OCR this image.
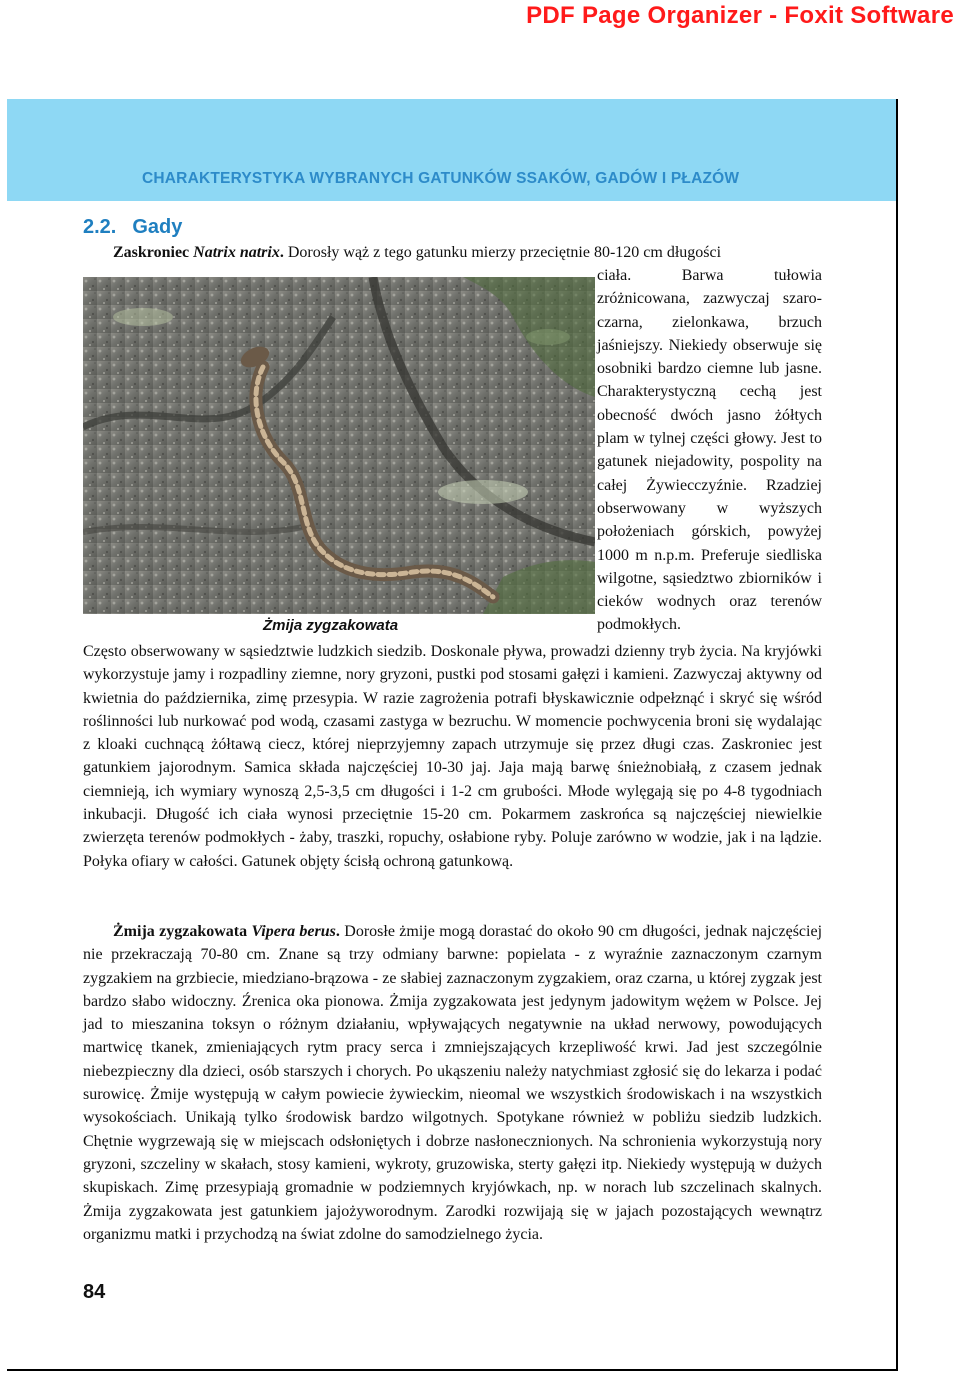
PDF Page Organizer - Foxit Software
CHARAKTERYSTYKA WYBRANYCH GATUNKÓW SSAKÓW, GADÓW I PŁAZÓW
2.2. Gady
Zaskroniec Natrix natrix. Dorosły wąż z tego gatunku mierzy przeciętnie 80-120 cm długości
Żmija zygzakowata
ciała. Barwa tułowia zróżnicowana, zazwyczaj szaro-czarna, zielonkawa, brzuch jaśniejszy. Niekiedy obserwuje się osobniki bardzo ciemne lub jasne. Charakterystyczną cechą jest obecność dwóch jasno żółtych plam w tylnej części głowy. Jest to gatunek niejadowity, pospolity na całej Żywiecczyźnie. Rzadziej obserwowany w wyższych położeniach górskich, powyżej 1000 m n.p.m. Preferuje siedliska wilgotne, sąsiedztwo zbiorników i cieków wodnych oraz terenów podmokłych.
Często obserwowany w sąsiedztwie ludzkich siedzib. Doskonale pływa, prowadzi dzienny tryb życia. Na kryjówki wykorzystuje jamy i rozpadliny ziemne, nory gryzoni, pustki pod stosami gałęzi i kamieni. Zazwyczaj aktywny od kwietnia do października, zimę przesypia. W razie zagrożenia potrafi błyskawicznie odpełznąć i skryć się wśród roślinności lub nurkować pod wodą, czasami zastyga w bezruchu. W momencie pochwycenia broni się wydalając z kloaki cuchnącą żółtawą ciecz, której nieprzyjemny zapach utrzymuje się przez długi czas. Zaskroniec jest gatunkiem jajorodnym. Samica składa najczęściej 10-30 jaj. Jaja mają barwę śnieżnobiałą, z czasem jednak ciemnieją, ich wymiary wynoszą 2,5-3,5 cm długości i 1-2 cm grubości. Młode wylęgają się po 4-8 tygodniach inkubacji. Długość ich ciała wynosi przeciętnie 15-20 cm. Pokarmem zaskrońca są najczęściej niewielkie zwierzęta terenów podmokłych - żaby, traszki, ropuchy, osłabione ryby. Poluje zarówno w wodzie, jak i na lądzie. Połyka ofiary w całości. Gatunek objęty ścisłą ochroną gatunkową.
Żmija zygzakowata Vipera berus. Dorosłe żmije mogą dorastać do około 90 cm długości, jednak najczęściej nie przekraczają 70-80 cm. Znane są trzy odmiany barwne: popielata - z wyraźnie zaznaczonym czarnym zygzakiem na grzbiecie, miedziano-brązowa - ze słabiej zaznaczonym zygzakiem, oraz czarna, u której zygzak jest bardzo słabo widoczny. Źrenica oka pionowa. Żmija zygzakowata jest jedynym jadowitym wężem w Polsce. Jej jad to mieszanina toksyn o różnym działaniu, wpływających negatywnie na układ nerwowy, powodujących martwicę tkanek, zmieniających rytm pracy serca i zmniejszających krzepliwość krwi. Jad jest szczególnie niebezpieczny dla dzieci, osób starszych i chorych. Po ukąszeniu należy natychmiast zgłosić się do lekarza i podać surowicę. Żmije występują w całym powiecie żywieckim, nieomal we wszystkich środowiskach i na wszystkich wysokościach. Unikają tylko środowisk bardzo wilgotnych. Spotykane również w pobliżu siedzib ludzkich. Chętnie wygrzewają się w miejscach odsłoniętych i dobrze nasłonecznionych. Na schronienia wykorzystują nory gryzoni, szczeliny w skałach, stosy kamieni, wykroty, gruzowiska, sterty gałęzi itp. Niekiedy występują w dużych skupiskach. Zimę przesypiają gromadnie w podziemnych kryjówkach, np. w norach lub szczelinach skalnych. Żmija zygzakowata jest gatunkiem jajożyworodnym. Zarodki rozwijają się w jajach pozostających wewnątrz organizmu matki i przychodzą na świat zdolne do samodzielnego życia.
84
